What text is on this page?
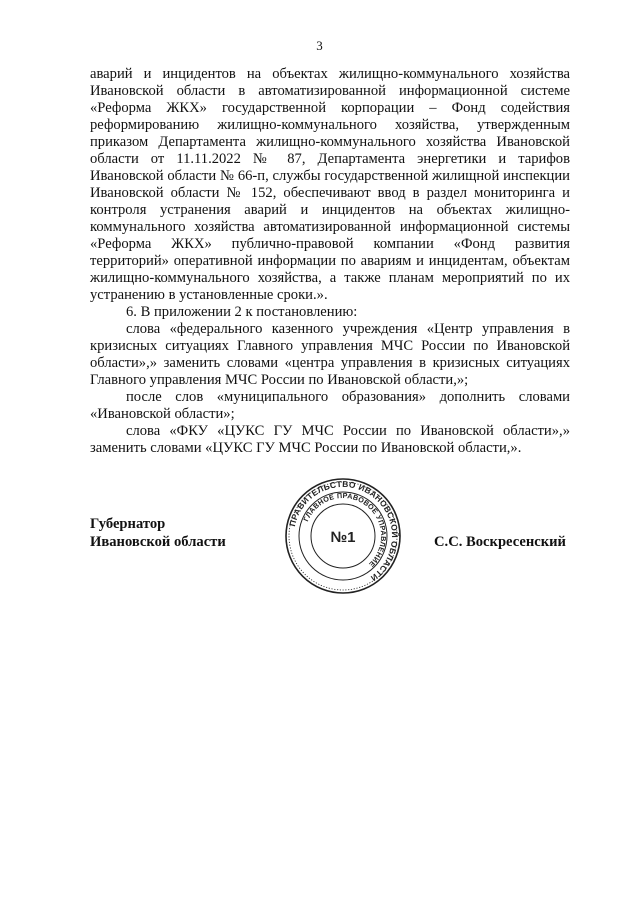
3

аварий и инцидентов на объектах жилищно-коммунального хозяйства Ивановской области в автоматизированной информационной системе «Реформа ЖКХ» государственной корпорации – Фонд содействия реформированию жилищно-коммунального хозяйства, утвержденным приказом Департамента жилищно-коммунального хозяйства Ивановской области от 11.11.2022 № 87, Департамента энергетики и тарифов Ивановской области № 66-п, службы государственной жилищной инспекции Ивановской области № 152, обеспечивают ввод в раздел мониторинга и контроля устранения аварий и инцидентов на объектах жилищно-коммунального хозяйства автоматизированной информационной системы «Реформа ЖКХ» публично-правовой компании «Фонд развития территорий» оперативной информации по авариям и инцидентам, объектам жилищно-коммунального хозяйства, а также планам мероприятий по их устранению в установленные сроки.».

6. В приложении 2 к постановлению:

слова «федерального казенного учреждения «Центр управления в кризисных ситуациях Главного управления МЧС России по Ивановской области»,» заменить словами «центра управления в кризисных ситуациях Главного управления МЧС России по Ивановской области,»;

после слов «муниципального образования» дополнить словами «Ивановской области»;

слова «ФКУ «ЦУКС ГУ МЧС России по Ивановской области»,» заменить словами «ЦУКС ГУ МЧС России по Ивановской области,».

Губернатор
Ивановской области	С.С. Воскресенский
ПРАВИТЕЛЬСТВО ИВАНОВСКОЙ ОБЛАСТИ
ГЛАВНОЕ ПРАВОВОЕ УПРАВЛЕНИЕ
№1
